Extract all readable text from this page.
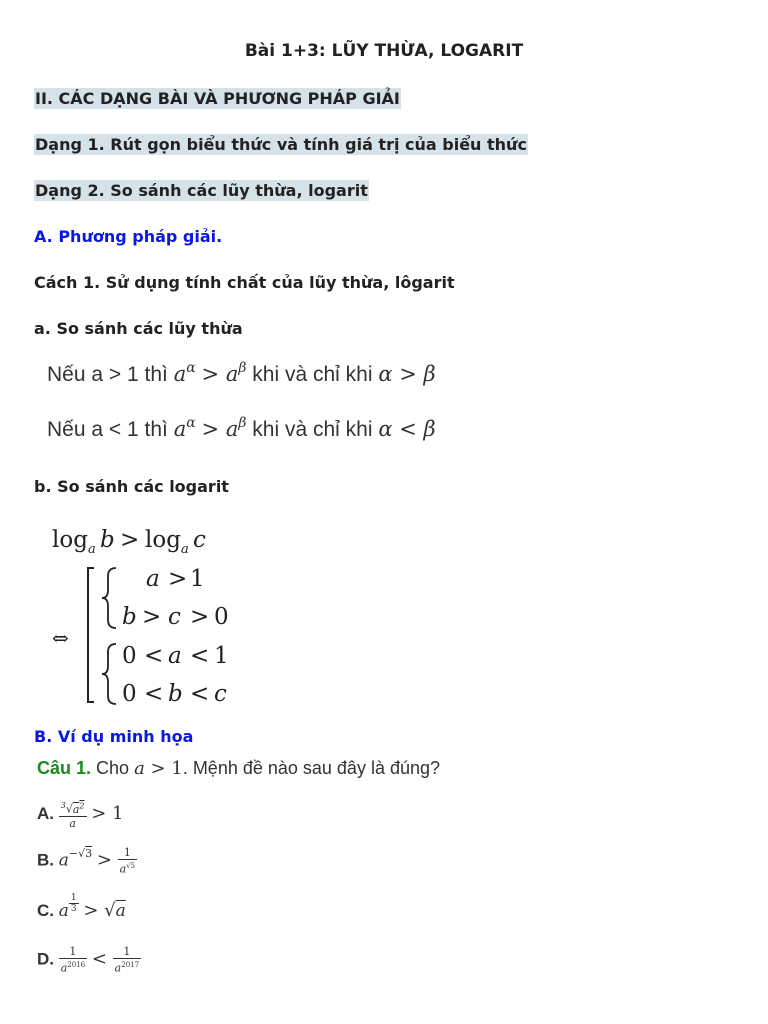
Bài 1+3: LŨY THỪA, LOGARIT
II. CÁC DẠNG BÀI VÀ PHƯƠNG PHÁP GIẢI
Dạng 1. Rút gọn biểu thức và tính giá trị của biểu thức
Dạng 2. So sánh các lũy thừa, logarit
A. Phương pháp giải.
Cách 1. Sử dụng tính chất của lũy thừa, lôgarit
a. So sánh các lũy thừa
Nếu a > 1 thì $a^\alpha > a^\beta$ khi và chỉ khi α > β
Nếu a < 1 thì $a^\alpha > a^\beta$ khi và chỉ khi α < β
b. So sánh các logarit
log a b > log a c
⇔
a > 1
b > c > 0
0 < a < 1
0 < b < c
B. Ví dụ minh họa
Câu 1. Cho a > 1. Mệnh đề nào sau đây là đúng?
A. $\frac{^3√a^2}{a} > 1$
B. $a^{-√3} > \frac{1}{a^{√5}}$
C. a $\frac{1}{3} > √a$
D. $\frac{1}{a^{2016}} < \frac{1}{a^{2017}}$
